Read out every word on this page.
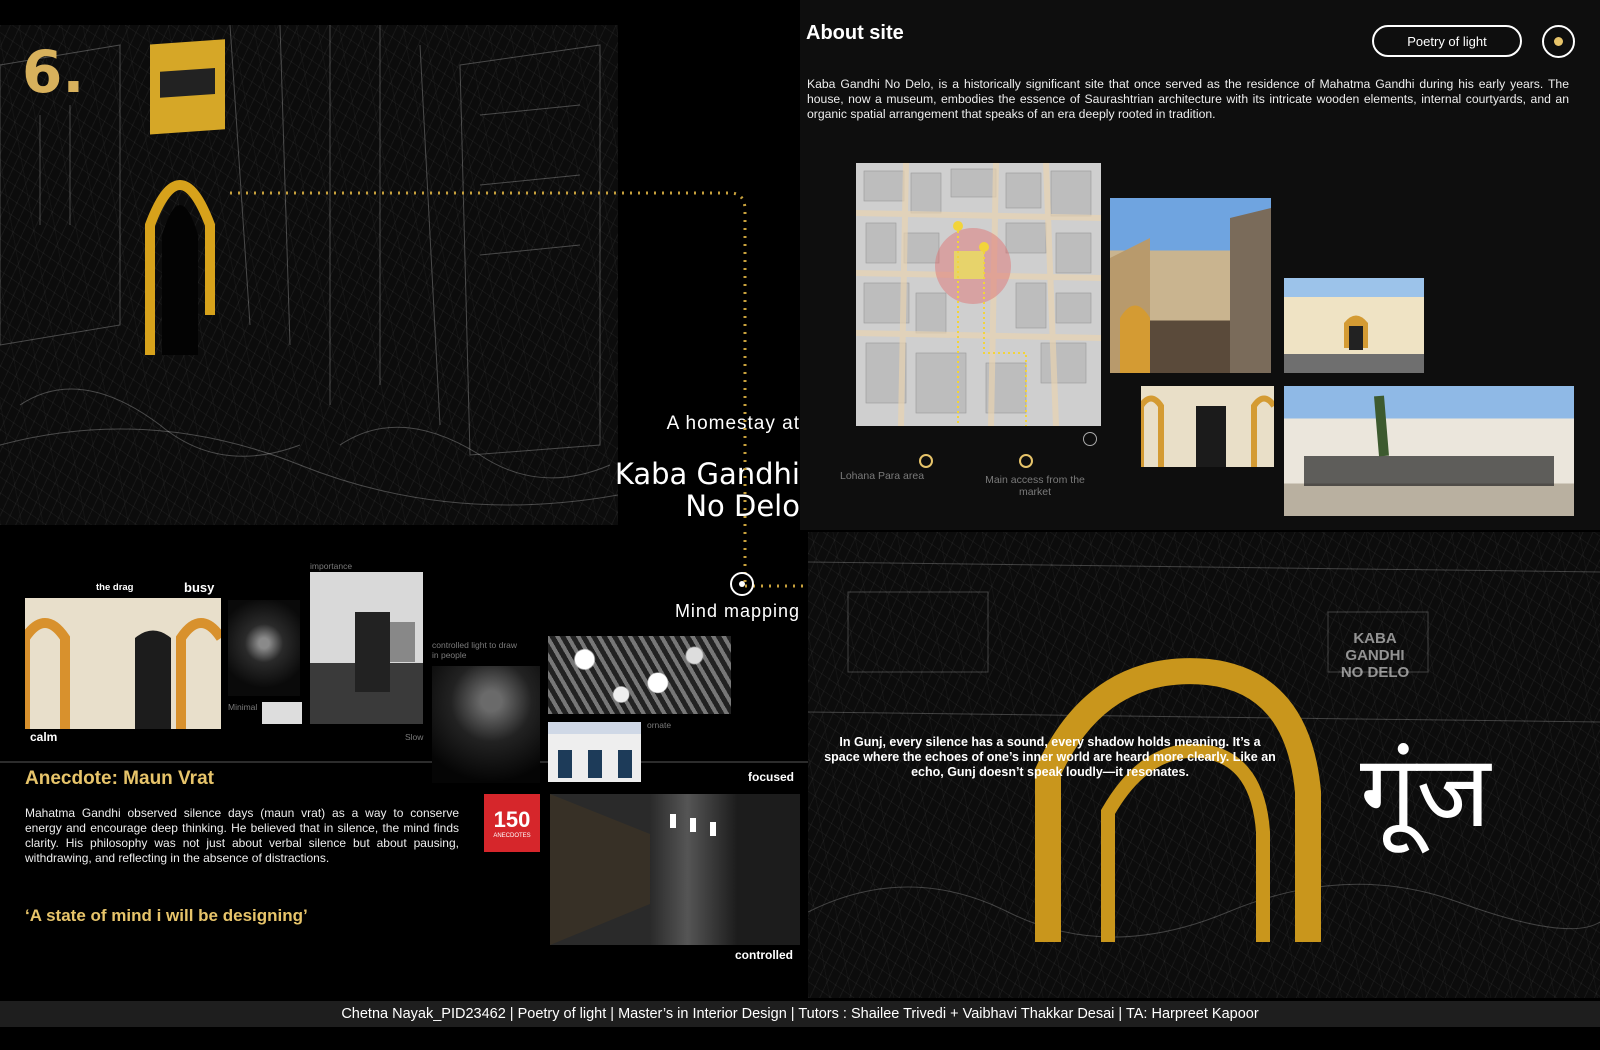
6.
A homestay at
Kaba Gandhi
No Delo
About site	Poetry of light
Kaba Gandhi No Delo, is a historically significant site that once served as the residence of Mahatma Gandhi during his early years. The house, now a museum, embodies the essence of Saurashtrian architecture with its intricate wooden elements, internal courtyards, and an organic spatial arrangement that speaks of an era deeply rooted in tradition.
Lohana Para area	Main access from the market
KABA GANDHI NO DELO
In Gunj, every silence has a sound, every shadow holds meaning. It’s a space where the echoes of one’s inner world are heard more clearly. Like an echo, Gunj doesn’t speak loudly—it resonates.	गूंज
Mind mapping
the drag	busy
importance
calm
Minimal
Slow
controlled light to draw in people
ornate
focused
150
ANECDOTES
controlled
Anecdote: Maun Vrat
Mahatma Gandhi observed silence days (maun vrat) as a way to conserve energy and encourage deep thinking. He believed that in silence, the mind finds clarity. His philosophy was not just about verbal silence but about pausing, withdrawing, and reflecting in the absence of distractions.
‘A state of mind i will be designing’
Chetna Nayak_PID23462 | Poetry of light | Master’s in Interior Design | Tutors : Shailee Trivedi + Vaibhavi Thakkar Desai | TA: Harpreet Kapoor
